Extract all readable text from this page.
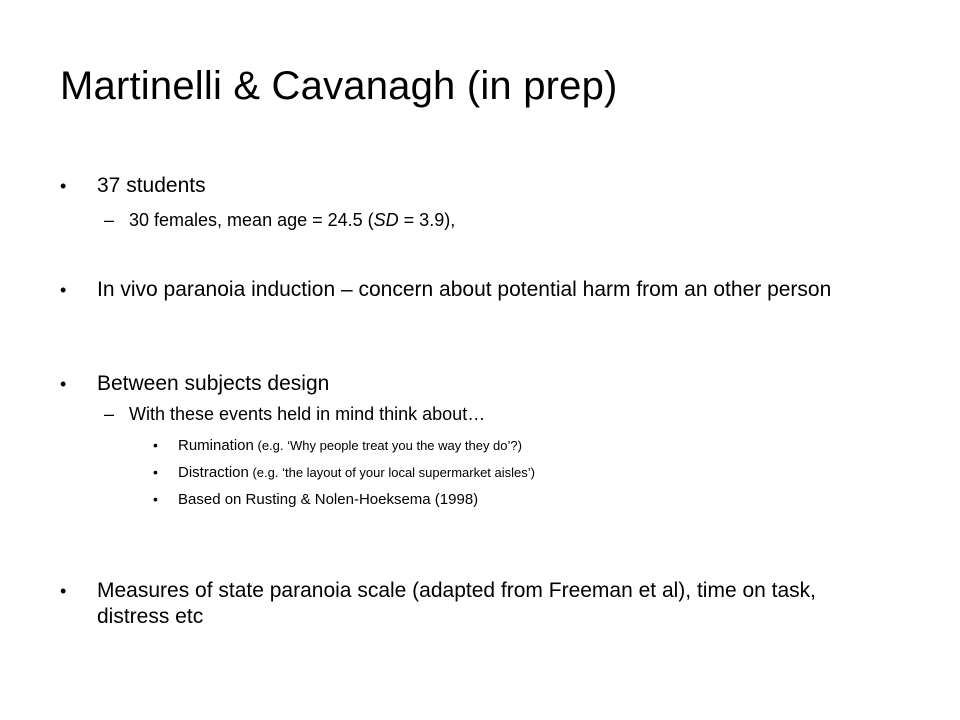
Martinelli & Cavanagh (in prep)
•
37 students
– 30 females, mean age = 24.5 (SD = 3.9),
•
In vivo paranoia induction – concern about potential harm from an other person
•
Between subjects design
– With these events held in mind think about…
•
Rumination (e.g. ‘Why people treat you the way they do’?)
•
Distraction (e.g. ‘the layout of your local supermarket aisles’)
•
Based on Rusting & Nolen-Hoeksema (1998)
•
Measures of state paranoia scale (adapted from Freeman et al), time on task, distress etc
